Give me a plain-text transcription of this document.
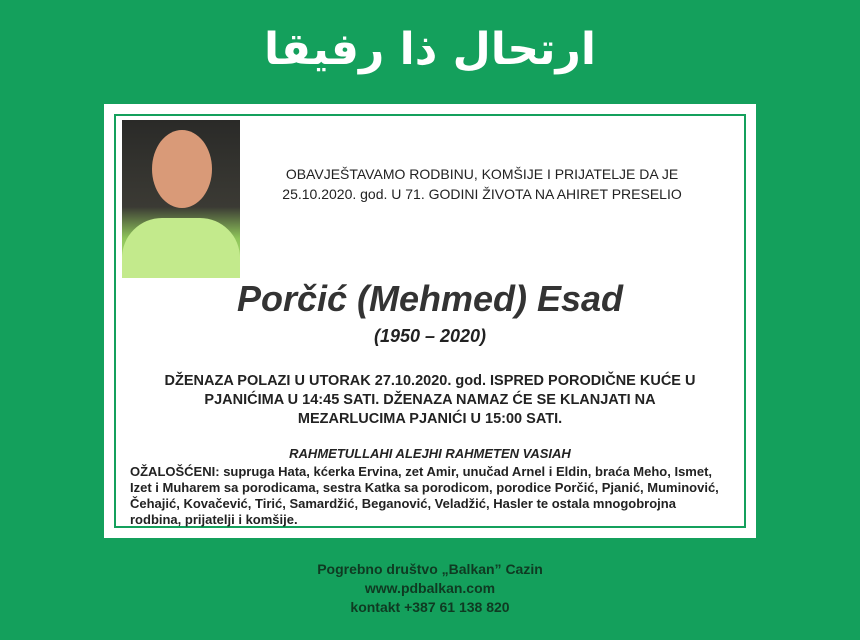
ارتحال ذا رفيقا
OBAVJEŠTAVAMO RODBINU, KOMŠIJE I PRIJATELJE DA JE
25.10.2020. god. U 71. GODINI ŽIVOTA NA AHIRET PRESELIO
Porčić (Mehmed) Esad
(1950 – 2020)
DŽENAZA POLAZI U UTORAK 27.10.2020. god. ISPRED PORODIČNE KUĆE U
PJANIĆIMA U 14:45 SATI. DŽENAZA NAMAZ ĆE SE KLANJATI NA
MEZARLUCIMA PJANIĆI U 15:00 SATI.
RAHMETULLAHI ALEJHI RAHMETEN VASIAH
OŽALOŠĆENI: supruga Hata, kćerka Ervina, zet Amir, unučad Arnel i Eldin, braća Meho, Ismet, Izet i Muharem sa porodicama, sestra Katka sa porodicom, porodice Porčić, Pjanić, Muminović, Čehajić, Kovačević, Tirić, Samardžić, Beganović, Veladžić, Hasler te ostala mnogobrojna rodbina, prijatelji i komšije.
Pogrebno društvo „Balkan” Cazin
www.pdbalkan.com
kontakt +387 61 138 820
